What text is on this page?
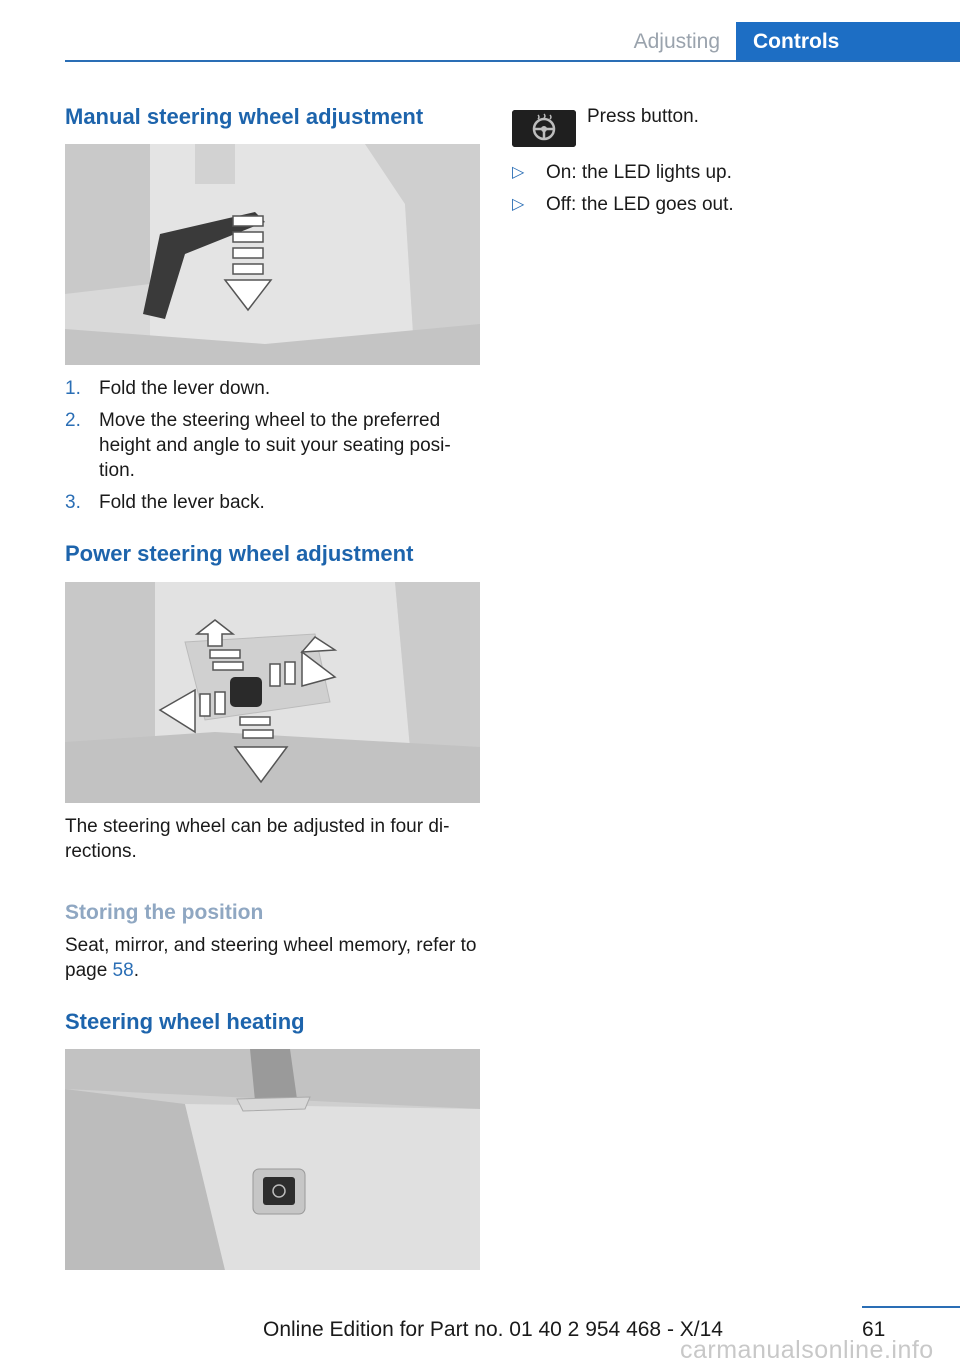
Adjusting	Controls
Manual steering wheel adjustment
1. Fold the lever down.
2. Move the steering wheel to the preferred height and angle to suit your seating posi-tion.
3. Fold the lever back.
Power steering wheel adjustment
The steering wheel can be adjusted in four di-rections.
Storing the position
Seat, mirror, and steering wheel memory, refer to page 58.
Steering wheel heating
Press button.
▷ On: the LED lights up.
▷ Off: the LED goes out.
61
Online Edition for Part no. 01 40 2 954 468 - X/14
carmanualsonline.info
